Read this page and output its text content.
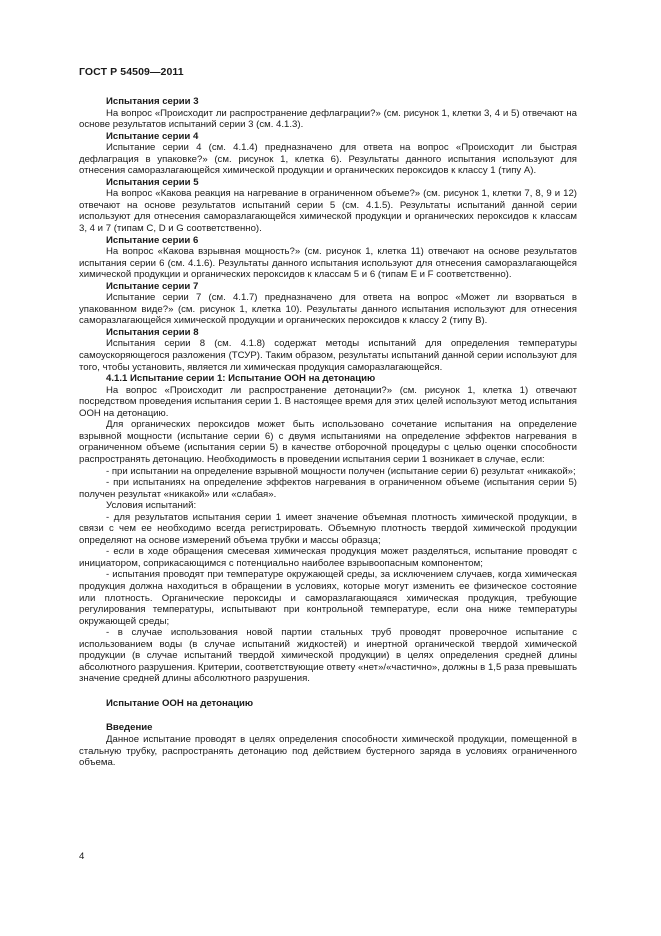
ГОСТ Р 54509—2011
Испытания серии 3

На вопрос «Происходит ли распространение дефлаграции?» (см. рисунок 1, клетки 3, 4 и 5) отвечают на основе результатов испытаний серии 3 (см. 4.1.3).

Испытание серии 4

Испытание серии 4 (см. 4.1.4) предназначено для ответа на вопрос «Происходит ли быстрая дефлаграция в упаковке?» (см. рисунок 1, клетка 6). Результаты данного испытания используют для отнесения саморазлагающейся химической продукции и органических пероксидов к классу 1 (типу А).

Испытания серии 5

На вопрос «Какова реакция на нагревание в ограниченном объеме?» (см. рисунок 1, клетки 7, 8, 9 и 12) отвечают на основе результатов испытаний серии 5 (см. 4.1.5). Результаты испытаний данной серии используют для отнесения саморазлагающейся химической продукции и органических пероксидов к классам 3, 4 и 7 (типам С, D и G соответственно).

Испытание серии 6

На вопрос «Какова взрывная мощность?» (см. рисунок 1, клетка 11) отвечают на основе результатов испытания серии 6 (см. 4.1.6). Результаты данного испытания используют для отнесения саморазлагающейся химической продукции и органических пероксидов к классам 5 и 6 (типам Е и F соответственно).

Испытание серии 7

Испытание серии 7 (см. 4.1.7) предназначено для ответа на вопрос «Может ли взорваться в упакованном виде?» (см. рисунок 1, клетка 10). Результаты данного испытания используют для отнесения саморазлагающейся химической продукции и органических пероксидов к классу 2 (типу В).

Испытания серии 8

Испытания серии 8 (см. 4.1.8) содержат методы испытаний для определения температуры самоускоряющегося разложения (ТСУР). Таким образом, результаты испытаний данной серии используют для того, чтобы установить, является ли химическая продукция саморазлагающейся.

4.1.1 Испытание серии 1: Испытание ООН на детонацию

На вопрос «Происходит ли распространение детонации?» (см. рисунок 1, клетка 1) отвечают посредством проведения испытания серии 1. В настоящее время для этих целей используют метод испытания ООН на детонацию.

Для органических пероксидов может быть использовано сочетание испытания на определение взрывной мощности (испытание серии 6) с двумя испытаниями на определение эффектов нагревания в ограниченном объеме (испытания серии 5) в качестве отборочной процедуры с целью оценки способности распространять детонацию. Необходимость в проведении испытания серии 1 возникает в случае, если:

- при испытании на определение взрывной мощности получен (испытание серии 6) результат «никакой»;

- при испытаниях на определение эффектов нагревания в ограниченном объеме (испытания серии 5) получен результат «никакой» или «слабая».

Условия испытаний:

- для результатов испытания серии 1 имеет значение объемная плотность химической продукции, в связи с чем ее необходимо всегда регистрировать. Объемную плотность твердой химической продукции определяют на основе измерений объема трубки и массы образца;

- если в ходе обращения смесевая химическая продукция может разделяться, испытание проводят с инициатором, соприкасающимся с потенциально наиболее взрывоопасным компонентом;

- испытания проводят при температуре окружающей среды, за исключением случаев, когда химическая продукция должна находиться в обращении в условиях, которые могут изменить ее физическое состояние или плотность. Органические пероксиды и саморазлагающаяся химическая продукция, требующие регулирования температуры, испытывают при контрольной температуре, если она ниже температуры окружающей среды;

- в случае использования новой партии стальных труб проводят проверочное испытание с использованием воды (в случае испытаний жидкостей) и инертной органической твердой химической продукции (в случае испытаний твердой химической продукции) в целях определения средней длины абсолютного разрушения. Критерии, соответствующие ответу «нет»/«частично», должны в 1,5 раза превышать значение средней длины абсолютного разрушения.

Испытание ООН на детонацию
Введение

Данное испытание проводят в целях определения способности химической продукции, помещенной в стальную трубку, распространять детонацию под действием бустерного заряда в условиях ограниченного объема.

4
